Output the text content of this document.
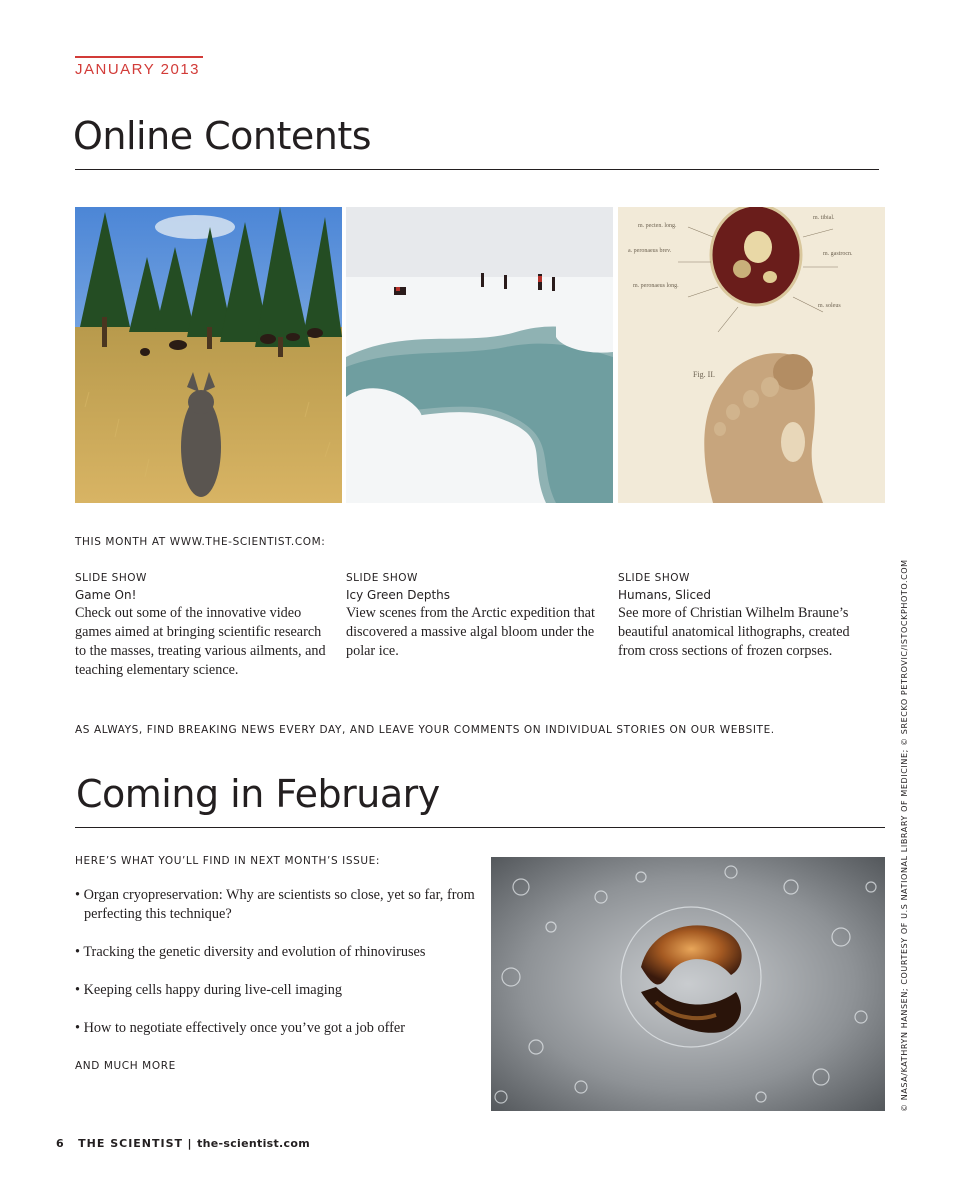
JANUARY 2013
Online Contents
m. pecten. long.
a. peronaeus brev.
m. peronaeus long.
m. tibial.
m. gastrocn.
m. soleus
Fig. II.
THIS MONTH AT WWW.THE-SCIENTIST.COM:
SLIDE SHOW
Game On!

Check out some of the innovative video games aimed at bringing scientific research to the masses, treating various ailments, and teaching elementary science.

SLIDE SHOW
Icy Green Depths

View scenes from the Arctic expedition that discovered a massive algal bloom under the polar ice.

SLIDE SHOW
Humans, Sliced

See more of Christian Wilhelm Braune’s beautiful anatomical lithographs, created from cross sections of frozen corpses.

AS ALWAYS, FIND BREAKING NEWS EVERY DAY, AND LEAVE YOUR COMMENTS ON INDIVIDUAL STORIES ON OUR WEBSITE.
Coming in February
HERE’S WHAT YOU’LL FIND IN NEXT MONTH’S ISSUE:
• Organ cryopreservation: Why are scientists so close, yet so far, from perfecting this technique?
• Tracking the genetic diversity and evolution of rhinoviruses
• Keeping cells happy during live-cell imaging
• How to negotiate effectively once you’ve got a job offer
AND MUCH MORE	© NASA/KATHRYN HANSEN; COURTESY OF U.S NATIONAL LIBRARY OF MEDICINE; © SRECKO PETROVIC/ISTOCKPHOTO.COM
6 THE SCIENTIST | the-scientist.com
